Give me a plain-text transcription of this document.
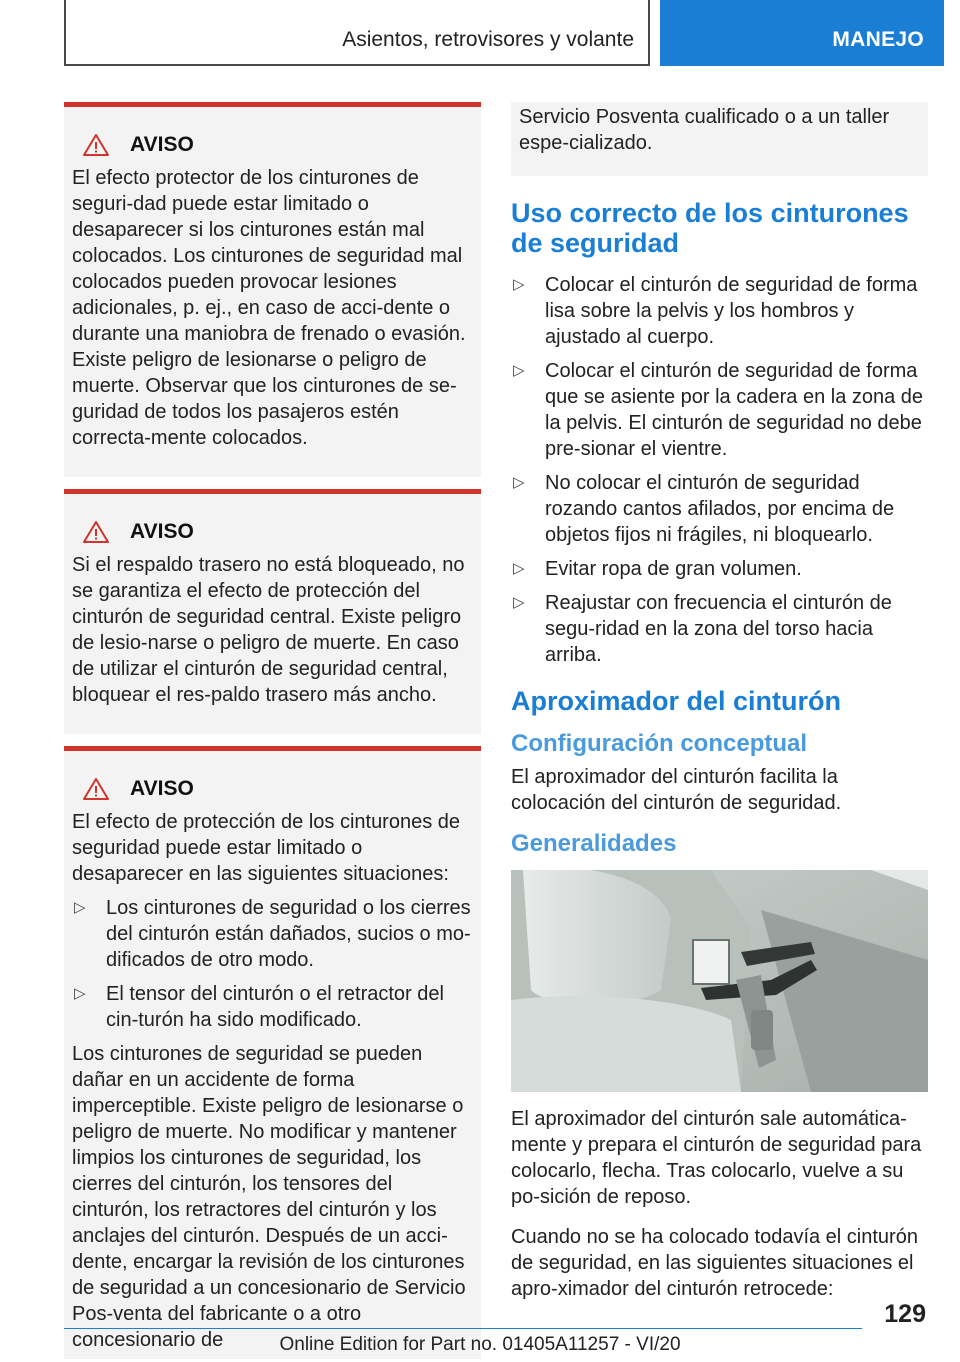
Asientos, retrovisores y volante	MANEJO
AVISO

El efecto protector de los cinturones de seguri-dad puede estar limitado o desaparecer si los cinturones están mal colocados. Los cinturones de seguridad mal colocados pueden provocar lesiones adicionales, p. ej., en caso de acci-dente o durante una maniobra de frenado o evasión. Existe peligro de lesionarse o peligro de muerte. Observar que los cinturones de se-guridad de todos los pasajeros estén correcta-mente colocados.

AVISO

Si el respaldo trasero no está bloqueado, no se garantiza el efecto de protección del cinturón de seguridad central. Existe peligro de lesio-narse o peligro de muerte. En caso de utilizar el cinturón de seguridad central, bloquear el res-paldo trasero más ancho.

AVISO

El efecto de protección de los cinturones de seguridad puede estar limitado o desaparecer en las siguientes situaciones:

▷ Los cinturones de seguridad o los cierres del cinturón están dañados, sucios o mo-dificados de otro modo.
▷ El tensor del cinturón o el retractor del cin-turón ha sido modificado.

Los cinturones de seguridad se pueden dañar en un accidente de forma imperceptible. Existe peligro de lesionarse o peligro de muerte. No modificar y mantener limpios los cinturones de seguridad, los cierres del cinturón, los tensores del cinturón, los retractores del cinturón y los anclajes del cinturón. Después de un acci-dente, encargar la revisión de los cinturones de seguridad a un concesionario de Servicio Pos-venta del fabricante o a otro concesionario de

Servicio Posventa cualificado o a un taller espe-cializado.

Uso correcto de los cinturones de seguridad
▷ Colocar el cinturón de seguridad de forma lisa sobre la pelvis y los hombros y ajustado al cuerpo.
▷ Colocar el cinturón de seguridad de forma que se asiente por la cadera en la zona de la pelvis. El cinturón de seguridad no debe pre-sionar el vientre.
▷ No colocar el cinturón de seguridad rozando cantos afilados, por encima de objetos fijos ni frágiles, ni bloquearlo.
▷ Evitar ropa de gran volumen.
▷ Reajustar con frecuencia el cinturón de segu-ridad en la zona del torso hacia arriba.
Aproximador del cinturón
Configuración conceptual

El aproximador del cinturón facilita la colocación del cinturón de seguridad.

Generalidades

El aproximador del cinturón sale automática-mente y prepara el cinturón de seguridad para colocarlo, flecha. Tras colocarlo, vuelve a su po-sición de reposo.

Cuando no se ha colocado todavía el cinturón de seguridad, en las siguientes situaciones el apro-ximador del cinturón retrocede:

129
Online Edition for Part no. 01405A11257 - VI/20
